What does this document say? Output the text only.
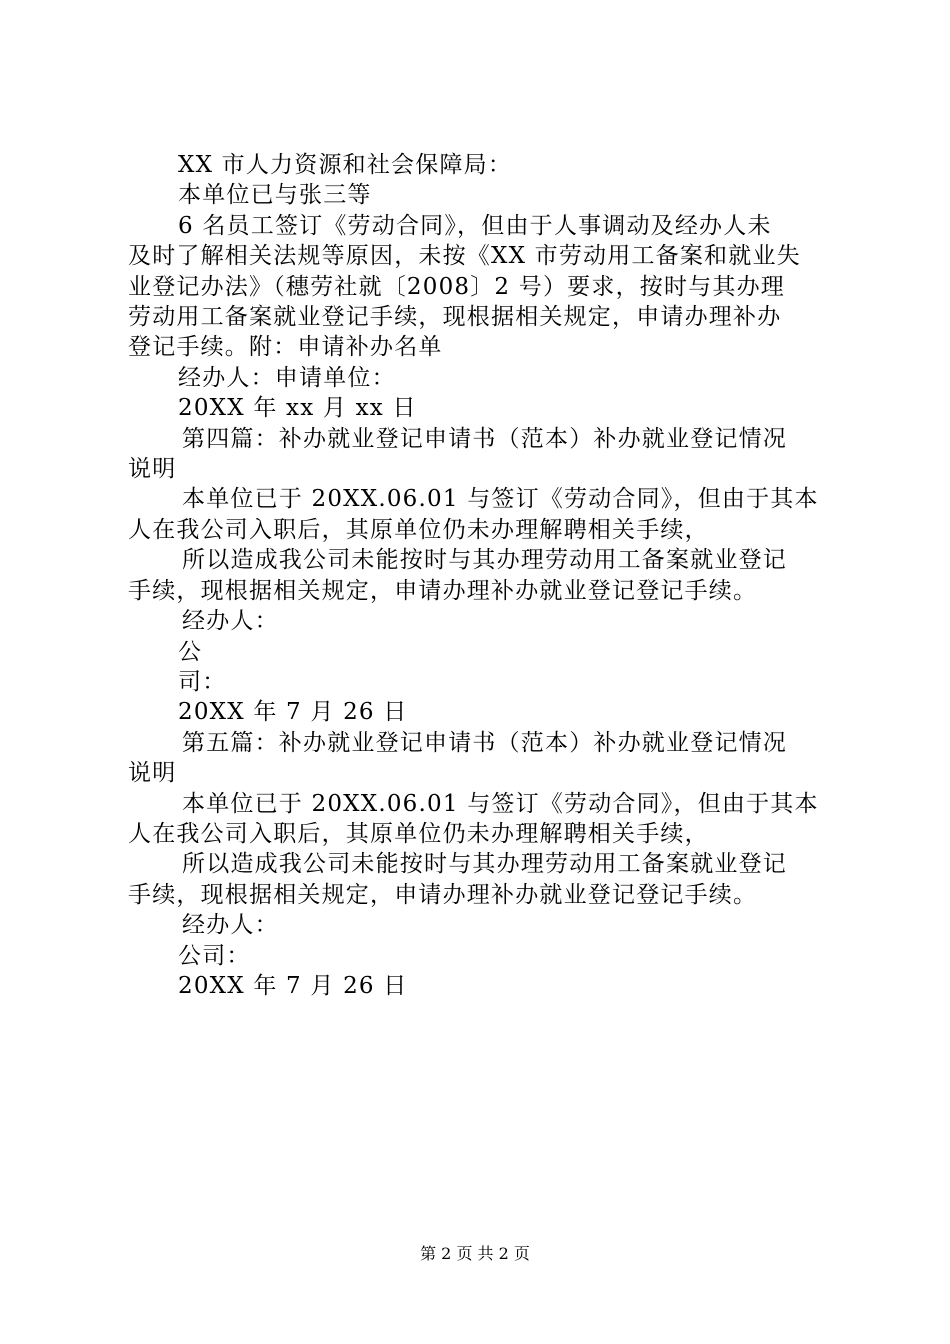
XX 市人力资源和社会保障局：
本单位已与张三等
6 名员工签订《劳动合同》，但由于人事调动及经办人未
及时了解相关法规等原因，未按《XX 市劳动用工备案和就业失
业登记办法》（穗劳社就〔2008〕2 号）要求，按时与其办理
劳动用工备案就业登记手续，现根据相关规定，申请办理补办
登记手续。附：申请补办名单
经办人：申请单位：
20XX 年 xx 月 xx 日
第四篇：补办就业登记申请书（范本）补办就业登记情况
说明
本单位已于 20XX.06.01 与签订《劳动合同》，但由于其本
人在我公司入职后，其原单位仍未办理解聘相关手续，
所以造成我公司未能按时与其办理劳动用工备案就业登记
手续，现根据相关规定，申请办理补办就业登记登记手续。
经办人：
公
司：
20XX 年 7 月 26 日
第五篇：补办就业登记申请书（范本）补办就业登记情况
说明
本单位已于 20XX.06.01 与签订《劳动合同》，但由于其本
人在我公司入职后，其原单位仍未办理解聘相关手续，
所以造成我公司未能按时与其办理劳动用工备案就业登记
手续，现根据相关规定，申请办理补办就业登记登记手续。
经办人：
公司：
20XX 年 7 月 26 日
第 2 页 共 2 页
